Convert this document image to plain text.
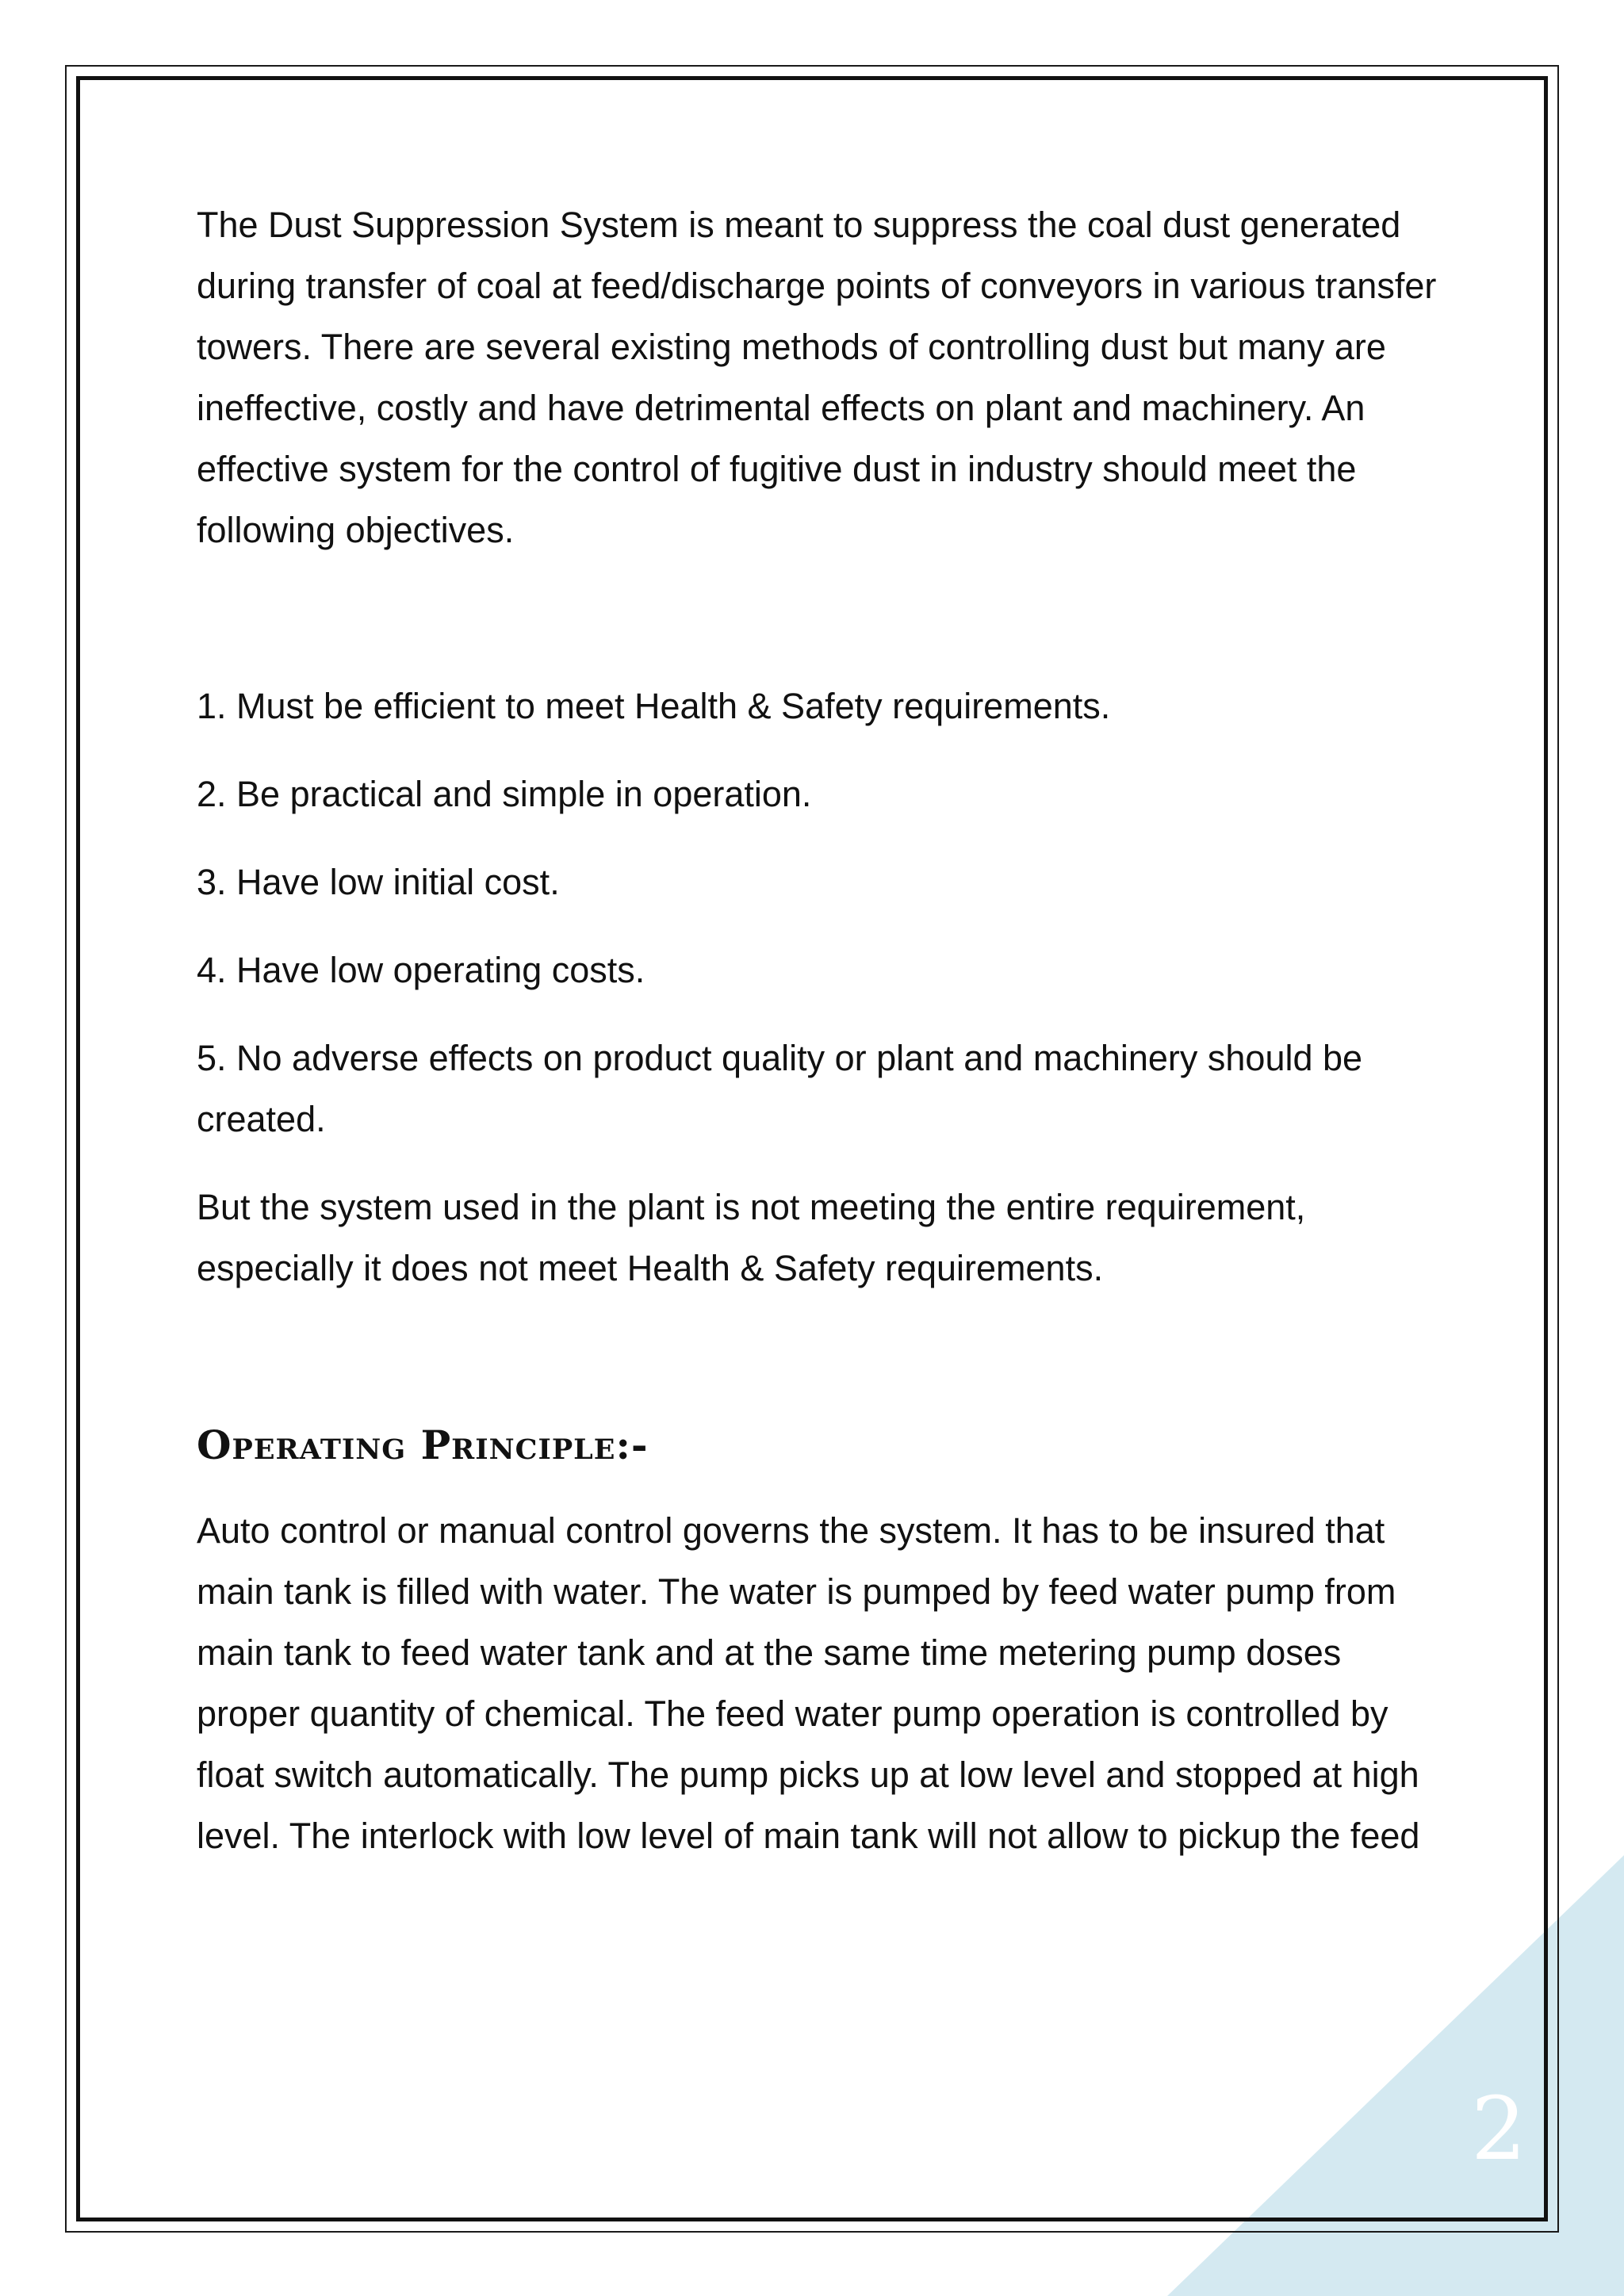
The Dust Suppression System is meant to suppress the coal dust generated during transfer of coal at feed/discharge points of conveyors in various transfer towers. There are several existing methods of controlling dust but many are ineffective, costly and have detrimental effects on plant and machinery. An effective system for the control of fugitive dust in industry should meet the following objectives.

1. Must be efficient to meet Health & Safety requirements.

2. Be practical and simple in operation.

3. Have low initial cost.

4. Have low operating costs.

5. No adverse effects on product quality or plant and machinery should be created.

But the system used in the plant is not meeting the entire requirement, especially it does not meet Health & Safety requirements.

Operating Principle:-

Auto control or manual control governs the system. It has to be insured that main tank is filled with water. The water is pumped by feed water pump from main tank to feed water tank and at the same time metering pump doses proper quantity of chemical. The feed water pump operation is controlled by float switch automatically. The pump picks up at low level and stopped at high level. The interlock with low level of main tank will not allow to pickup the feed

2
